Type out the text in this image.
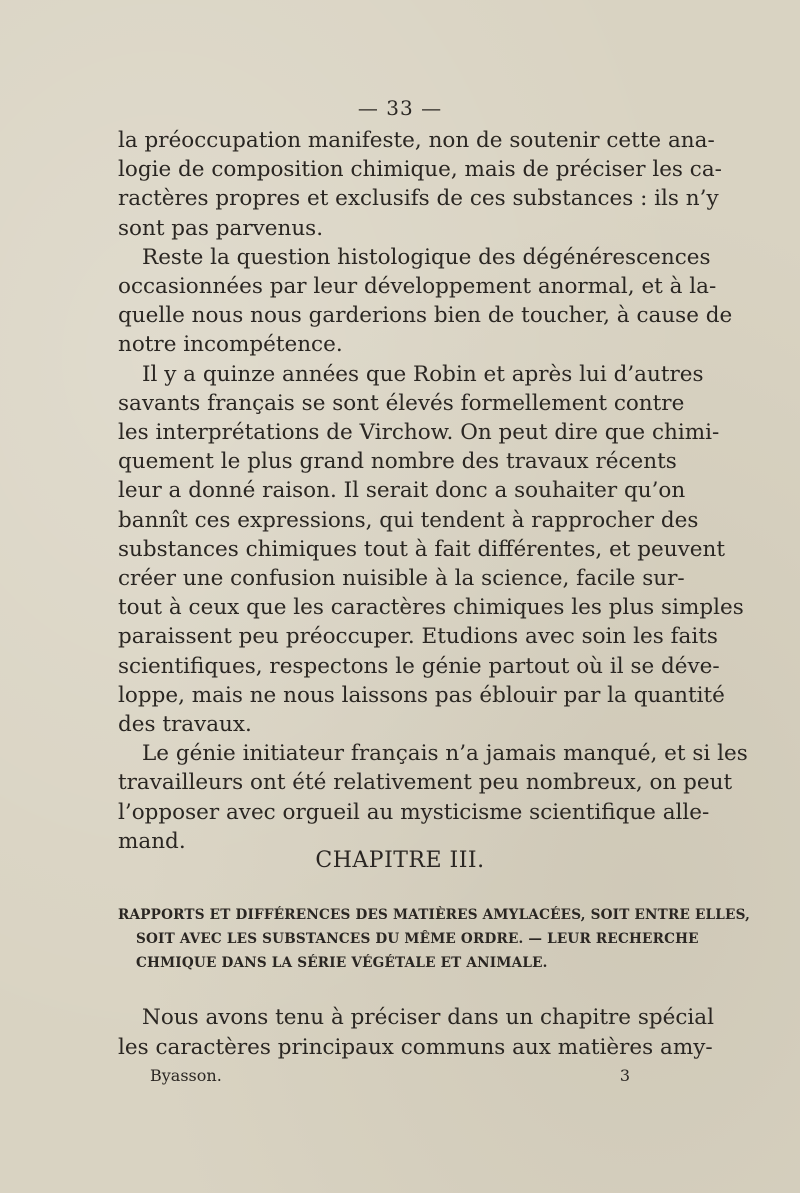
— 33 —
la préoccupation manifeste, non de soutenir cette ana-
logie de composition chimique, mais de préciser les ca-
ractères propres et exclusifs de ces substances : ils n’y
sont pas parvenus.
Reste la question histologique des dégénérescences
occasionnées par leur développement anormal, et à la-
quelle nous nous garderions bien de toucher, à cause de
notre incompétence.
Il y a quinze années que Robin et après lui d’autres
savants français se sont élevés formellement contre
les interprétations de Virchow. On peut dire que chimi-
quement le plus grand nombre des travaux récents
leur a donné raison. Il serait donc a souhaiter qu’on
bannît ces expressions, qui tendent à rapprocher des
substances chimiques tout à fait différentes, et peuvent
créer une confusion nuisible à la science, facile sur-
tout à ceux que les caractères chimiques les plus simples
paraissent peu préoccuper. Etudions avec soin les faits
scientifiques, respectons le génie partout où il se déve-
loppe, mais ne nous laissons pas éblouir par la quantité
des travaux.
Le génie initiateur français n’a jamais manqué, et si les
travailleurs ont été relativement peu nombreux, on peut
l’opposer avec orgueil au mysticisme scientifique alle-
mand.
CHAPITRE III.
RAPPORTS ET DIFFÉRENCES DES MATIÈRES AMYLACÉES, SOIT ENTRE ELLES,
SOIT AVEC LES SUBSTANCES DU MÊME ORDRE. — LEUR RECHERCHE
CHMIQUE DANS LA SÉRIE VÉGÉTALE ET ANIMALE.
Nous avons tenu à préciser dans un chapitre spécial
les caractères principaux communs aux matières amy-
Byasson.	3
